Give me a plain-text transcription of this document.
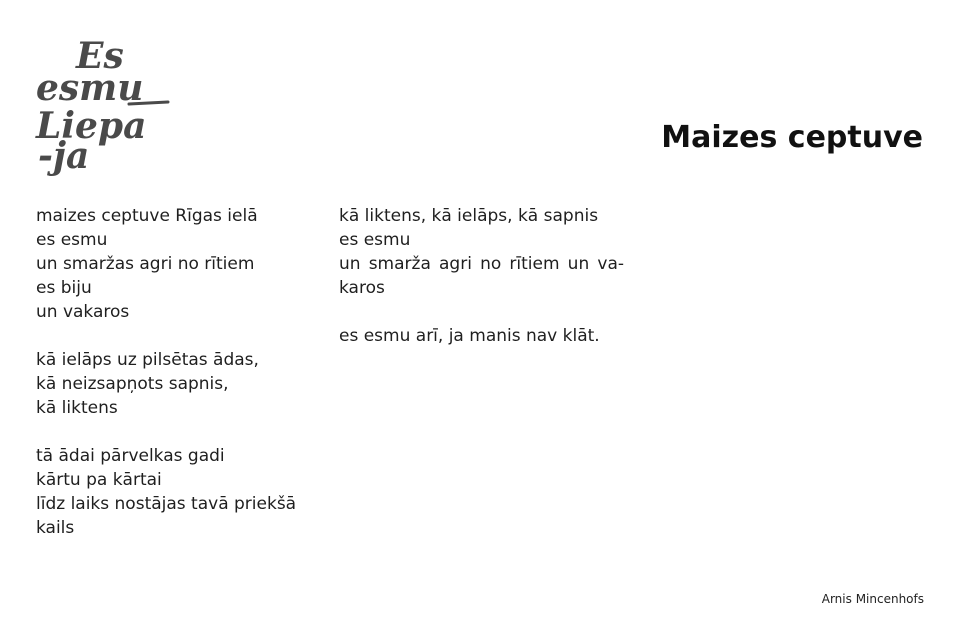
Es
esmu
Liepa
-ja	Maizes ceptuve
maizes ceptuve Rīgas ielā
es esmu
un smaržas agri no rītiem
es biju
un vakaros
kā ielāps uz pilsētas ādas,
kā neizsapņots sapnis,
kā liktens
tā ādai pārvelkas gadi
kārtu pa kārtai
līdz laiks nostājas tavā priekšā
kails
kā liktens, kā ielāps, kā sapnis
es esmu
un smarža agri no rītiem un va-
karos
es esmu arī, ja manis nav klāt.
Arnis Mincenhofs
